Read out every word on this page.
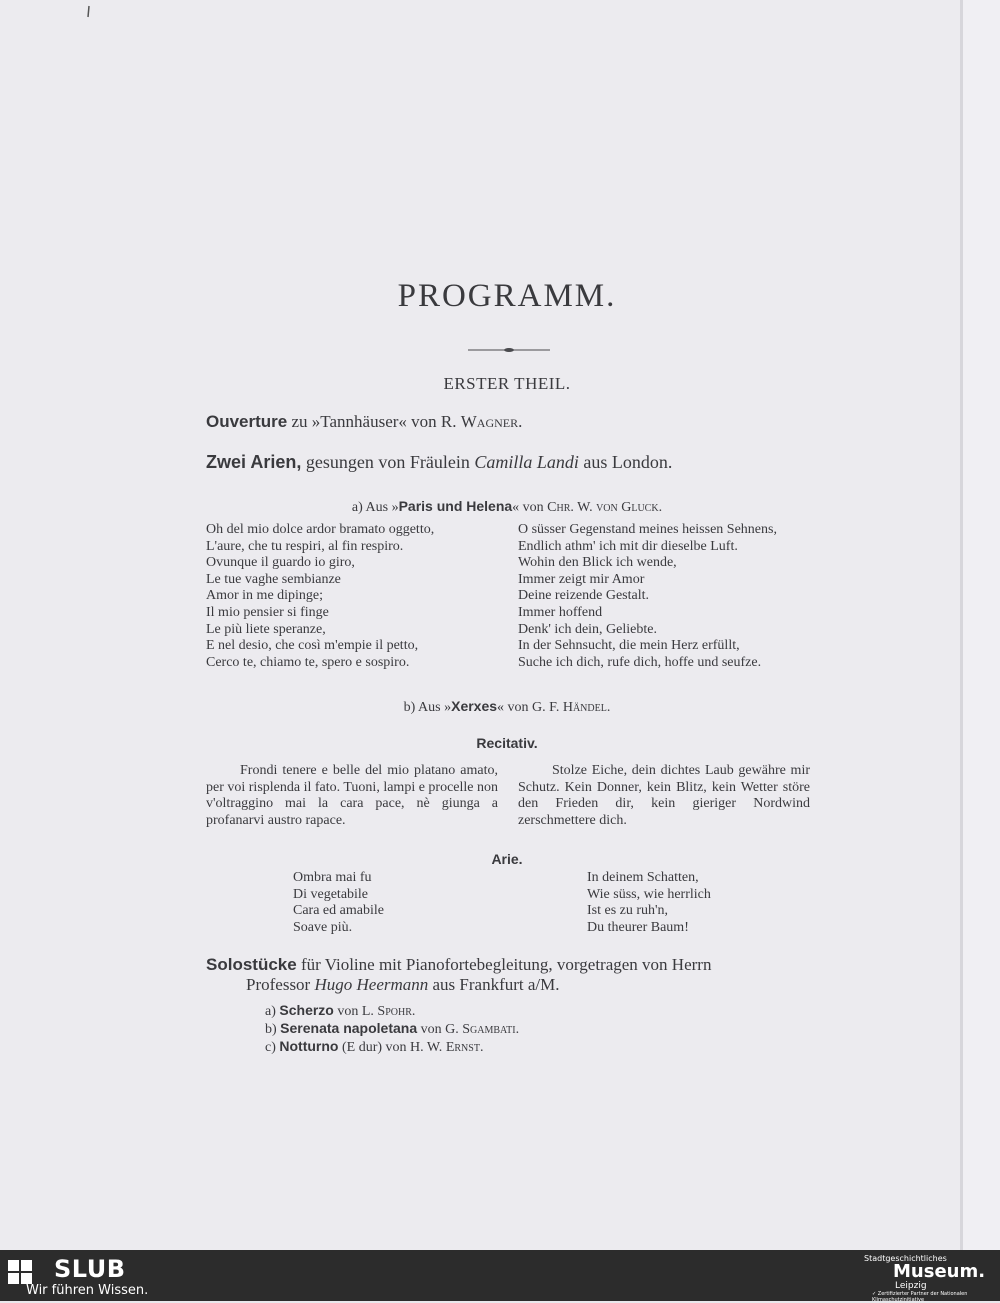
PROGRAMM.
ERSTER THEIL.
Ouverture zu »Tannhäuser« von R. Wagner.
Zwei Arien, gesungen von Fräulein Camilla Landi aus London.
a) Aus »Paris und Helena« von Chr. W. von Gluck.
Oh del mio dolce ardor bramato oggetto,
L'aure, che tu respiri, al fin respiro.
Ovunque il guardo io giro,
Le tue vaghe sembianze
Amor in me dipinge;
Il mio pensier si finge
Le più liete speranze,
E nel desio, che così m'empie il petto,
Cerco te, chiamo te, spero e sospiro.
O süsser Gegenstand meines heissen Sehnens,
Endlich athm' ich mit dir dieselbe Luft.
Wohin den Blick ich wende,
Immer zeigt mir Amor
Deine reizende Gestalt.
Immer hoffend
Denk' ich dein, Geliebte.
In der Sehnsucht, die mein Herz erfüllt,
Suche ich dich, rufe dich, hoffe und seufze.
b) Aus »Xerxes« von G. F. Händel.
Recitativ.
Frondi tenere e belle del mio platano amato, per voi risplenda il fato. Tuoni, lampi e procelle non v'oltraggino mai la cara pace, nè giunga a profanarvi austro rapace.
Stolze Eiche, dein dichtes Laub gewähre mir Schutz. Kein Donner, kein Blitz, kein Wetter störe den Frieden dir, kein gieriger Nordwind zerschmettere dich.
Arie.
Ombra mai fu
Di vegetabile
Cara ed amabile
Soave più.
In deinem Schatten,
Wie süss, wie herrlich
Ist es zu ruh'n,
Du theurer Baum!
Solostücke für Violine mit Pianofortebegleitung, vorgetragen von Herrn
Professor Hugo Heermann aus Frankfurt a/M.
a) Scherzo von L. Spohr.
b) Serenata napoletana von G. Sgambati.
c) Notturno (E dur) von H. W. Ernst.
SLUB
Wir führen Wissen.
Stadtgeschichtliches
Museum.
Leipzig
✓ Zertifizierter Partner der Nationalen Klimaschutzinitiative
